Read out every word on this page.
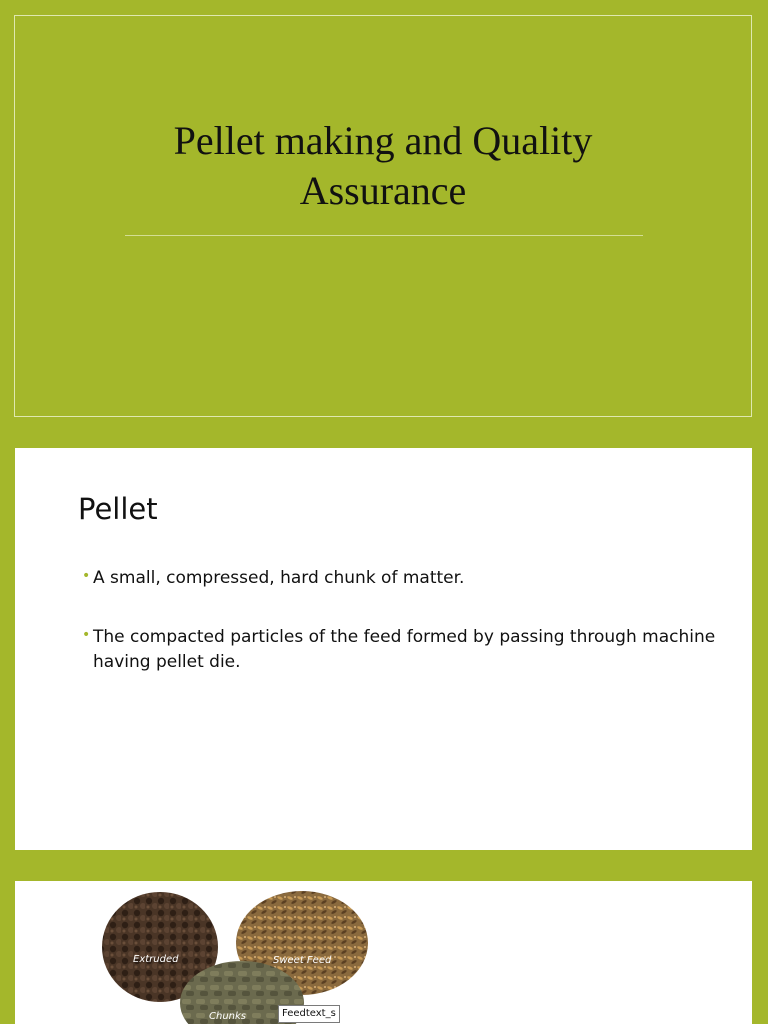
Pellet making and Quality
Assurance
Pellet
• A small, compressed, hard chunk of matter.
• The compacted particles of the feed formed by passing through machine having pellet die.
Extruded	Sweet Feed
Chunks	Feedtext_s
